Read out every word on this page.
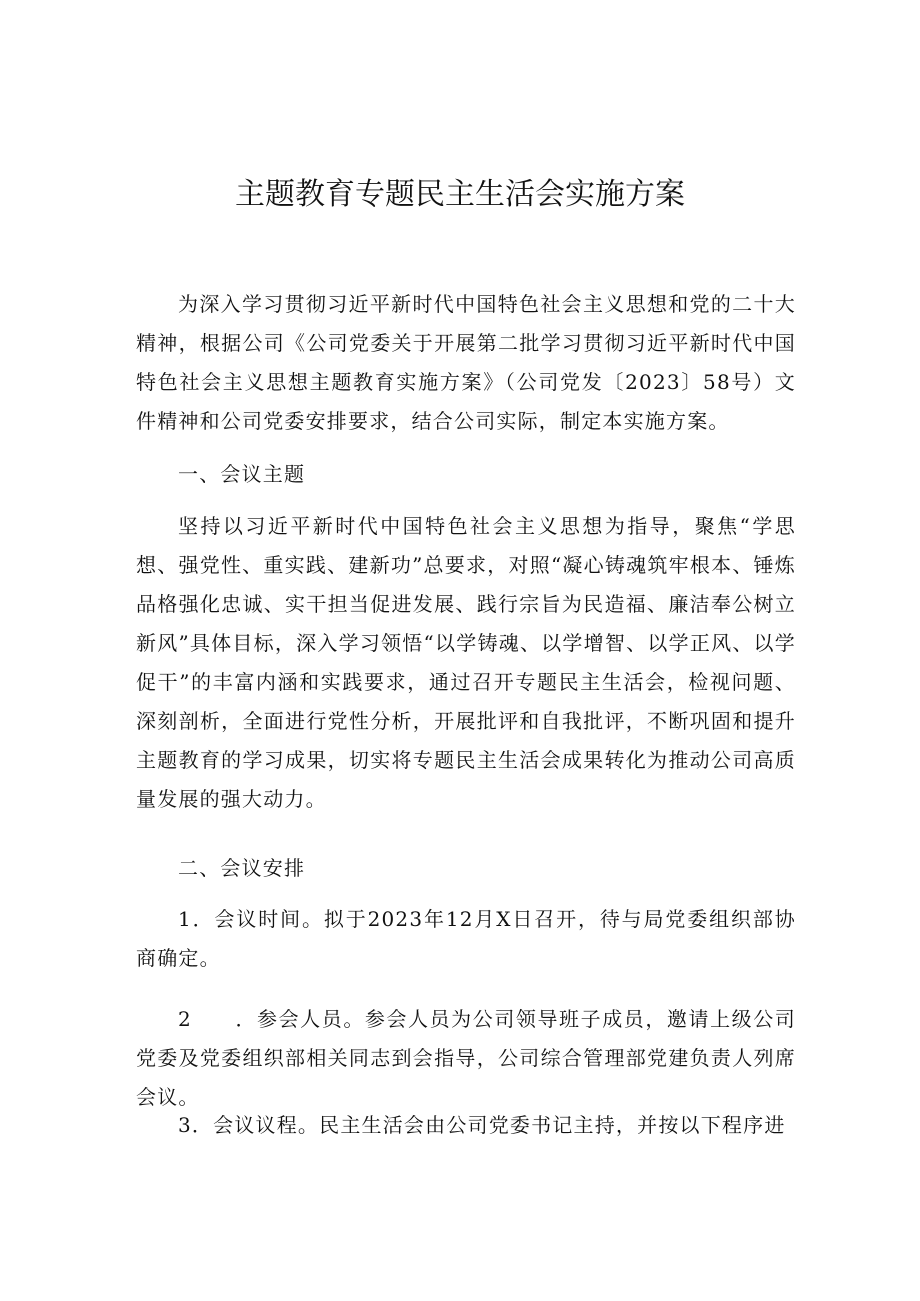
主题教育专题民主生活会实施方案

为深入学习贯彻习近平新时代中国特色社会主义思想和党的二十大精神，根据公司《公司党委关于开展第二批学习贯彻习近平新时代中国特色社会主义思想主题教育实施方案》（公司党发〔2023〕58号）文件精神和公司党委安排要求，结合公司实际，制定本实施方案。

一、会议主题

坚持以习近平新时代中国特色社会主义思想为指导，聚焦“学思想、强党性、重实践、建新功”总要求，对照“凝心铸魂筑牢根本、锤炼品格强化忠诚、实干担当促进发展、践行宗旨为民造福、廉洁奉公树立新风”具体目标，深入学习领悟“以学铸魂、以学增智、以学正风、以学促干”的丰富内涵和实践要求，通过召开专题民主生活会，检视问题、深刻剖析，全面进行党性分析，开展批评和自我批评，不断巩固和提升主题教育的学习成果，切实将专题民主生活会成果转化为推动公司高质量发展的强大动力。

二、会议安排

1．会议时间。拟于2023年12月X日召开，待与局党委组织部协商确定。

2　　．参会人员。参会人员为公司领导班子成员，邀请上级公司党委及党委组织部相关同志到会指导，公司综合管理部党建负责人列席会议。

3．会议议程。民主生活会由公司党委书记主持，并按以下程序进
